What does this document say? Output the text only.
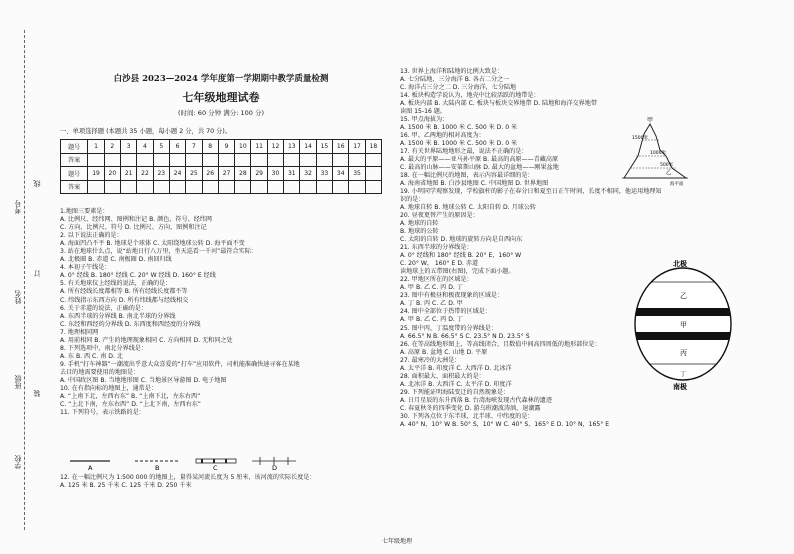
学校
班级
姓名
考号
线
订
装
白沙县 2023—2024 学年度第一学期期中教学质量检测
七年级地理试卷
(时间: 60 分钟 满分: 100 分)
一、单项选择题 (本题共 35 小题，每小题 2 分，共 70 分)。
题号	1	2	3	4	5	6	7	8	9	10	11	12	13	14	15	16	17	18
答案																		
题号	19	20	21	22	23	24	25	26	27	28	29	30	31	32	33	34	35	
答案																		
1.地图三要素是：
A. 比例尺、经纬网、图例和注记 B. 颜色、符号、经纬网
C. 方向、比例尺、符号 D. 比例尺、方向、图例和注记
2. 以下说法正确的是：
A. 海面凹凸不平 B. 地球是个球体 C. 太阳绕地球公转 D. 海平面不变
3. 站在地球什么点，说“站地日行八万里，坐天巡看一千河”最符合实际：
A. 北极圈 B. 赤道 C. 南极圈 D. 南回归线
4. 本初子午线是：
A. 0° 经线 B. 180° 经线 C. 20° W 经线 D. 160° E 经线
5. 有关地球仪上经线的说法，正确的是：
A. 所有经线长度都相等 B. 所有经线长度都不等
C. 纬线指示东西方向 D. 所有纬线都与经线相交
6. 关于赤道的说法，正确的是：
A. 东西半球的分界线 B. 南北半球的分界线
C. 东经和西经的分界线 D. 东西度和西经度的分界线
7. 地理相同网
A. 用前相同 B. 产生的地理现象相同 C. 方向相同 D. 无和同之处
8. 下列选项中，南北分界线是：
A. 东 B. 西 C. 南 D. 北
9. 手机“打车神器”一潮流出乎意大众喜爱的“打车”应用软件，司机能准确快速寻客在某地
去目的地需要使用的地图是：
A. 中国政区图 B. 当地地形图 C. 当地景区导游图 D. 电子地图
10. 在有指向标的地图上，通常是：
A. “上南下北，左西右东” B. “上南下北，左东右西”
C. “上北下南，左东右西” D. “上北下南，左西右东”
11. 下列符号，表示铁路的是：
A	B	C	D
12. 在一幅比例尺为 1:500 000 的地图上，量得某河流长度为 5 厘米，该河流的实际长度是：
A. 125 米 B. 25 千米 C. 125 千米 D. 250 千米
13. 世界上海洋和陆地的比例大致是：
A. 七分陆地，三分海洋 B. 各占二分之一
C. 海洋占三分之二 D. 三分海洋，七分陆地
14. 板块构造学说认为，地壳中比较活跃的地带是：
A. 板块内部 B. 大陆内部 C. 板块与板块交界地带 D. 陆地和海洋交界地带
读图 15-16 题。
15. 甲点海拔为：
A. 1500 米 B. 1000 米 C. 500 米 D. 0 米
16. 甲、乙两地的相对高度为：
A. 1500 米 B. 1000 米 C. 500 米 D. 0 米
17. 有关世界陆地地形之最，说法不正确的是：
A. 最大的平原——亚马孙平原 B. 最高的高原——青藏高原
C. 最高的山脉——安第斯山脉 D. 最大的盆地——刚果盆地
18. 在一幅比例尺的地图，表示内容最详细的是：
A. 海南省地图 B. 白沙县地图 C. 中国地图 D. 世界地图
19. 小明同学观察发现，学校旗杆的影子在春分日和夏至日正午时间，长度不相同，他运用地理知
识的是：
A. 地球自转 B. 地球公转 C. 太阳自转 D. 月球公转
20. 昼夜更替产生的原因是：
A. 地球的自转
B. 地球的公转
C. 太阳的自转 D. 地球的旋转方向是自西向东
21. 东西半球的分界线是：
A. 0° 经线和 180° 经线 B. 20° E，160° W
C. 20° W， 160° E D. 赤道
读地球上的五带图(右图)，完成下面小题。
22. 甲地区所在的区域是：
A. 甲 B. 乙 C. 丙 D. 丁
23. 图中有极昼和极夜现象的区域是：
A. 丁 B. 丙 C. 乙 D. 甲
24. 图中全部位于热带的区域是：
A. 甲 B. 乙 C. 丙 D. 丁
25. 图中丙、丁温度带的分界线是：
A. 66.5° N B. 66.5° S C. 23.5° N D. 23.5° S
26. 在等高线地形图上，等高线闭合，且数值中间高四周低的地形部位是：
A. 高原 B. 盆地 C. 山地 D. 平原
27. 最寒冷的大洲是：
A. 太平洋 B. 印度洋 C. 大西洋 D. 北冰洋
28. 面积最大、面积最大的是：
A. 北冰洋 B. 大西洋 C. 太平洋 D. 印度洋
29. 下列能证明海陆变迁的自然现象是：
A. 日月星辰的东升西落 B. 台湾海峡发现古代森林的遗迹
C. 春夏秋冬的四季变化 D. 游乌班潮波涛汹，退潮露
30. 下列各点位于东半球、北半球、中纬度的是：
A. 40° N，10° W B. 50° S，10° W C. 40° S，165° E D. 10° N，165° E
甲
1500米
1000米
500米
乙
海平面
北极
南极
乙
甲
丙
丁
七年级地理
